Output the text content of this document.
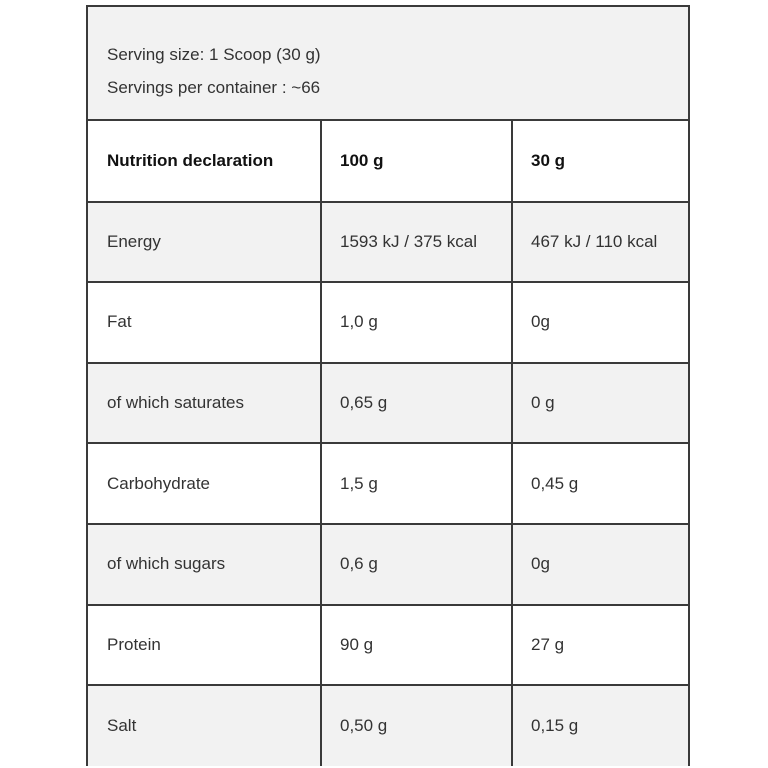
Serving size: 1 Scoop (30 g)
Servings per container : ~66
Nutrition declaration	100 g	30 g
Energy	1593 kJ / 375 kcal	467 kJ / 110 kcal
Fat	1,0 g	0g
of which saturates	0,65 g	0 g
Carbohydrate	1,5 g	0,45 g
of which sugars	0,6 g	0g
Protein	90 g	27 g
Salt	0,50 g	0,15 g
